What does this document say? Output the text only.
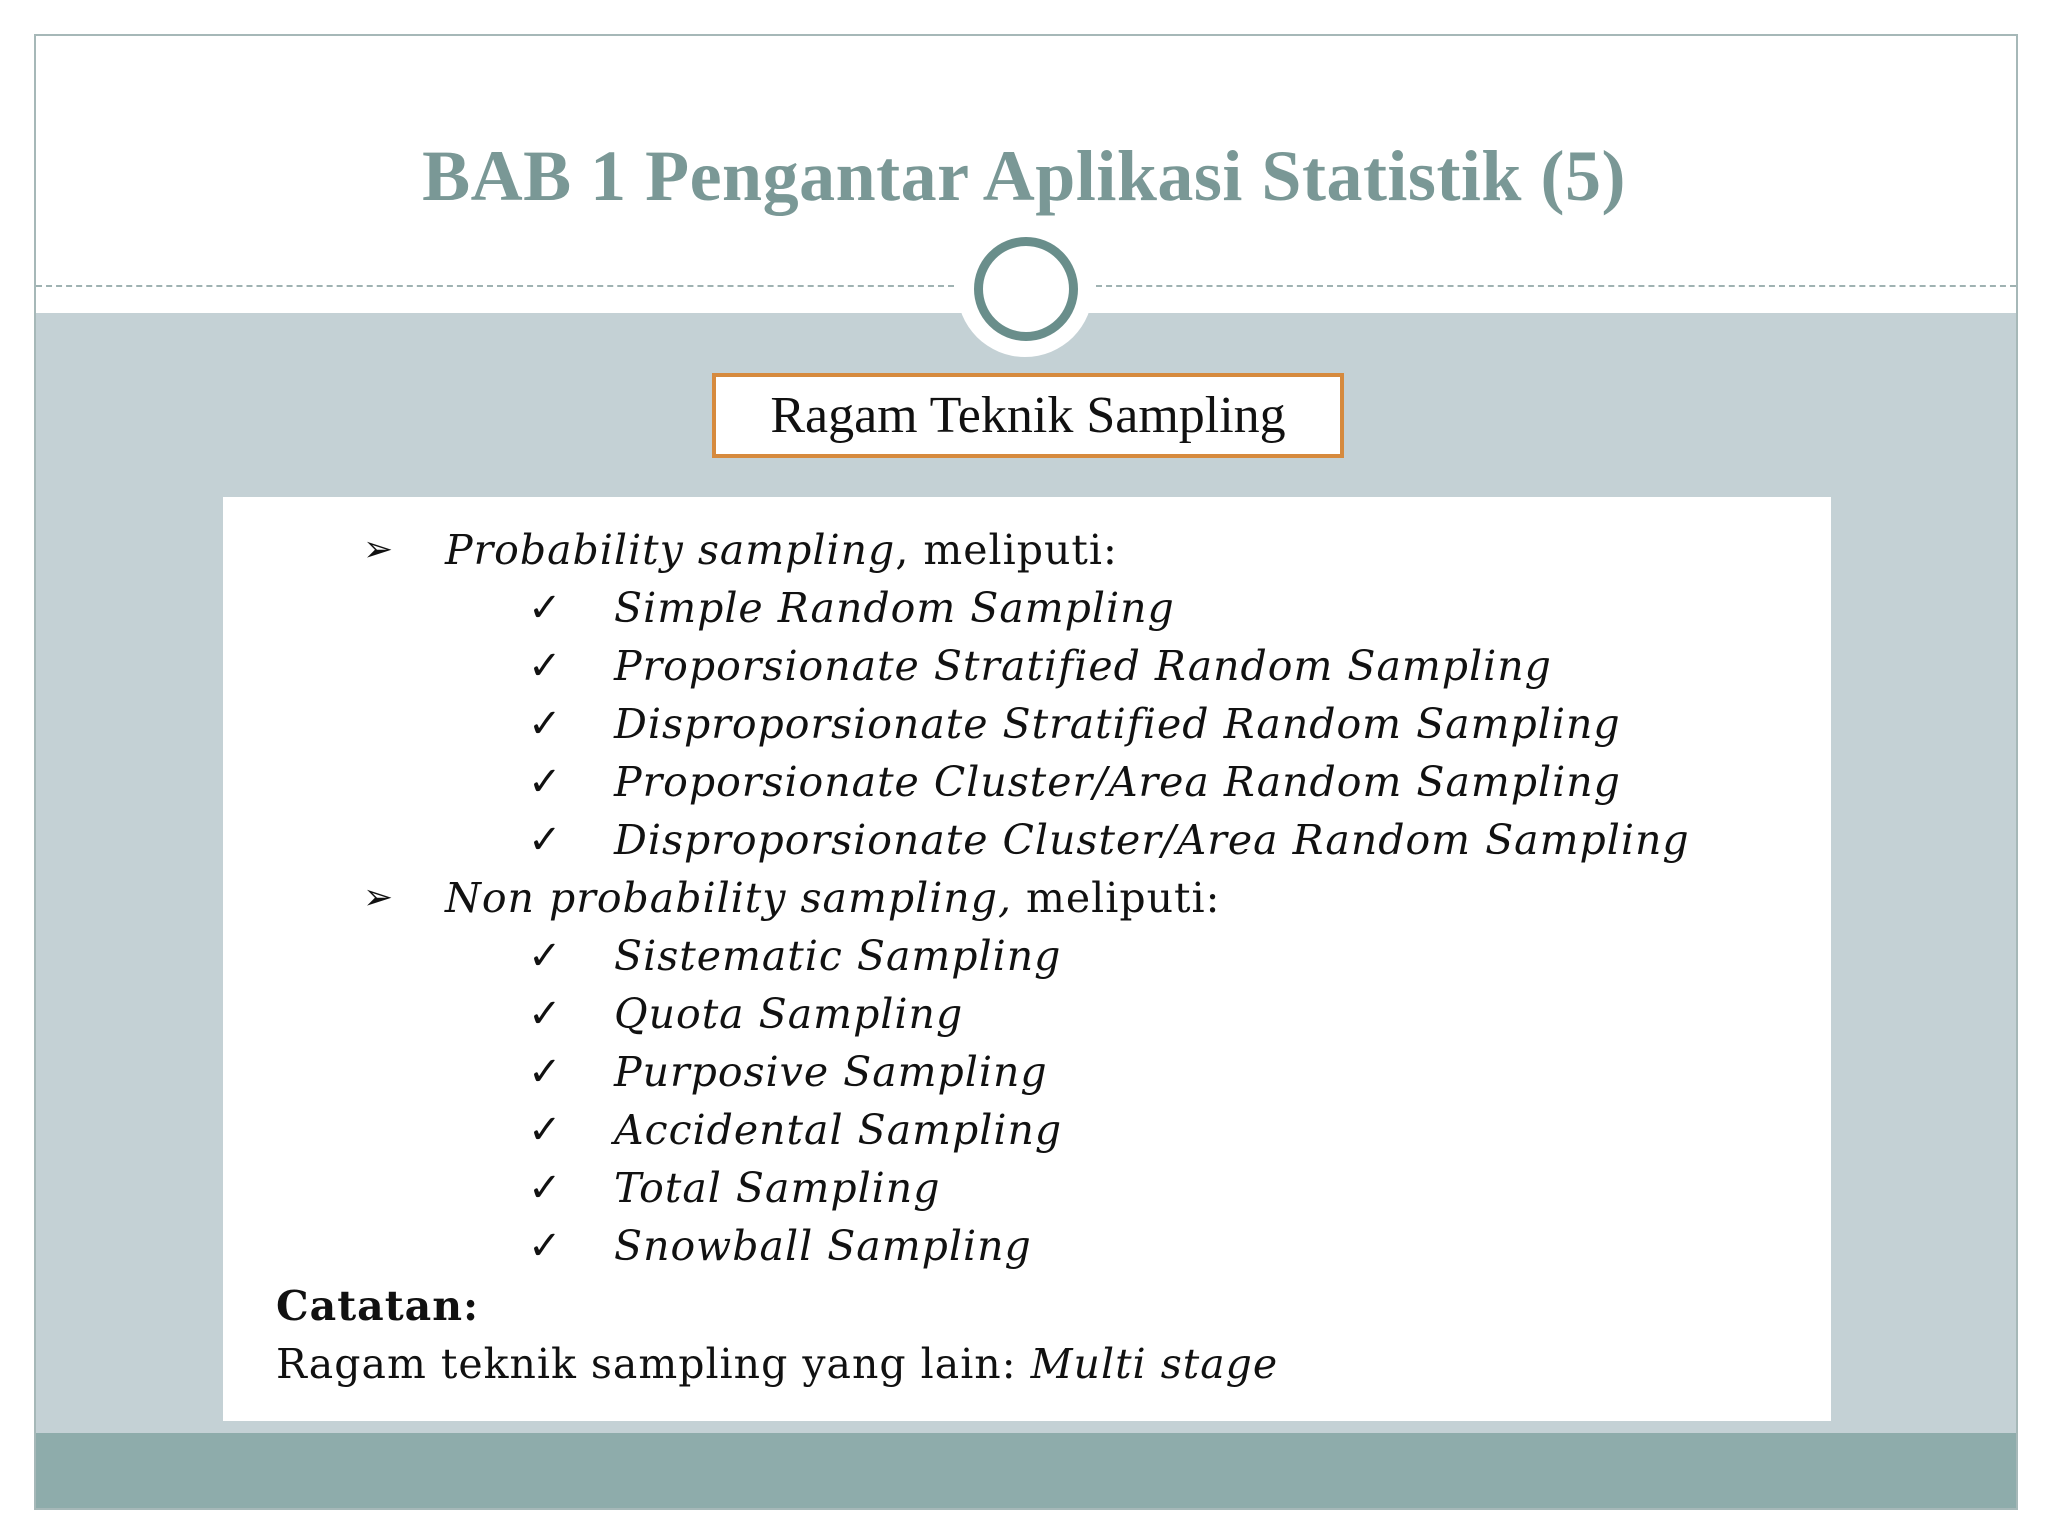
BAB 1 Pengantar Aplikasi Statistik (5)
Ragam Teknik Sampling
➢ Probability sampling, meliputi:
✓ Simple Random Sampling
✓ Proporsionate Stratified Random Sampling
✓ Disproporsionate Stratified Random Sampling
✓ Proporsionate Cluster/Area Random Sampling
✓ Disproporsionate Cluster/Area Random Sampling
➢ Non probability sampling, meliputi:
✓ Sistematic Sampling
✓ Quota Sampling
✓ Purposive Sampling
✓ Accidental Sampling
✓ Total Sampling
✓ Snowball Sampling
Catatan:
Ragam teknik sampling yang lain: Multi stage
